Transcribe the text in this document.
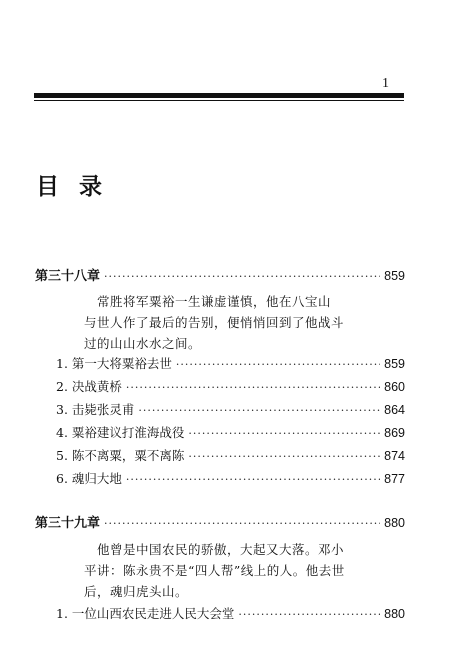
1
目录
第三十八章 ·····	859
　常胜将军粟裕一生谦虚谨慎，他在八宝山
与世人作了最后的告别，便悄悄回到了他战斗
过的山山水水之间。
1. 第一大将粟裕去世 ·····	859
2. 决战黄桥 ·····	860
3. 击毙张灵甫 ·····	864
4. 粟裕建议打淮海战役 ·····	869
5. 陈不离粟，粟不离陈 ·····	874
6. 魂归大地 ·····	877
第三十九章 ·····	880
　他曾是中国农民的骄傲，大起又大落。邓小
平讲：陈永贵不是“四人帮”线上的人。他去世
后，魂归虎头山。
1. 一位山西农民走进人民大会堂 ·····	880
